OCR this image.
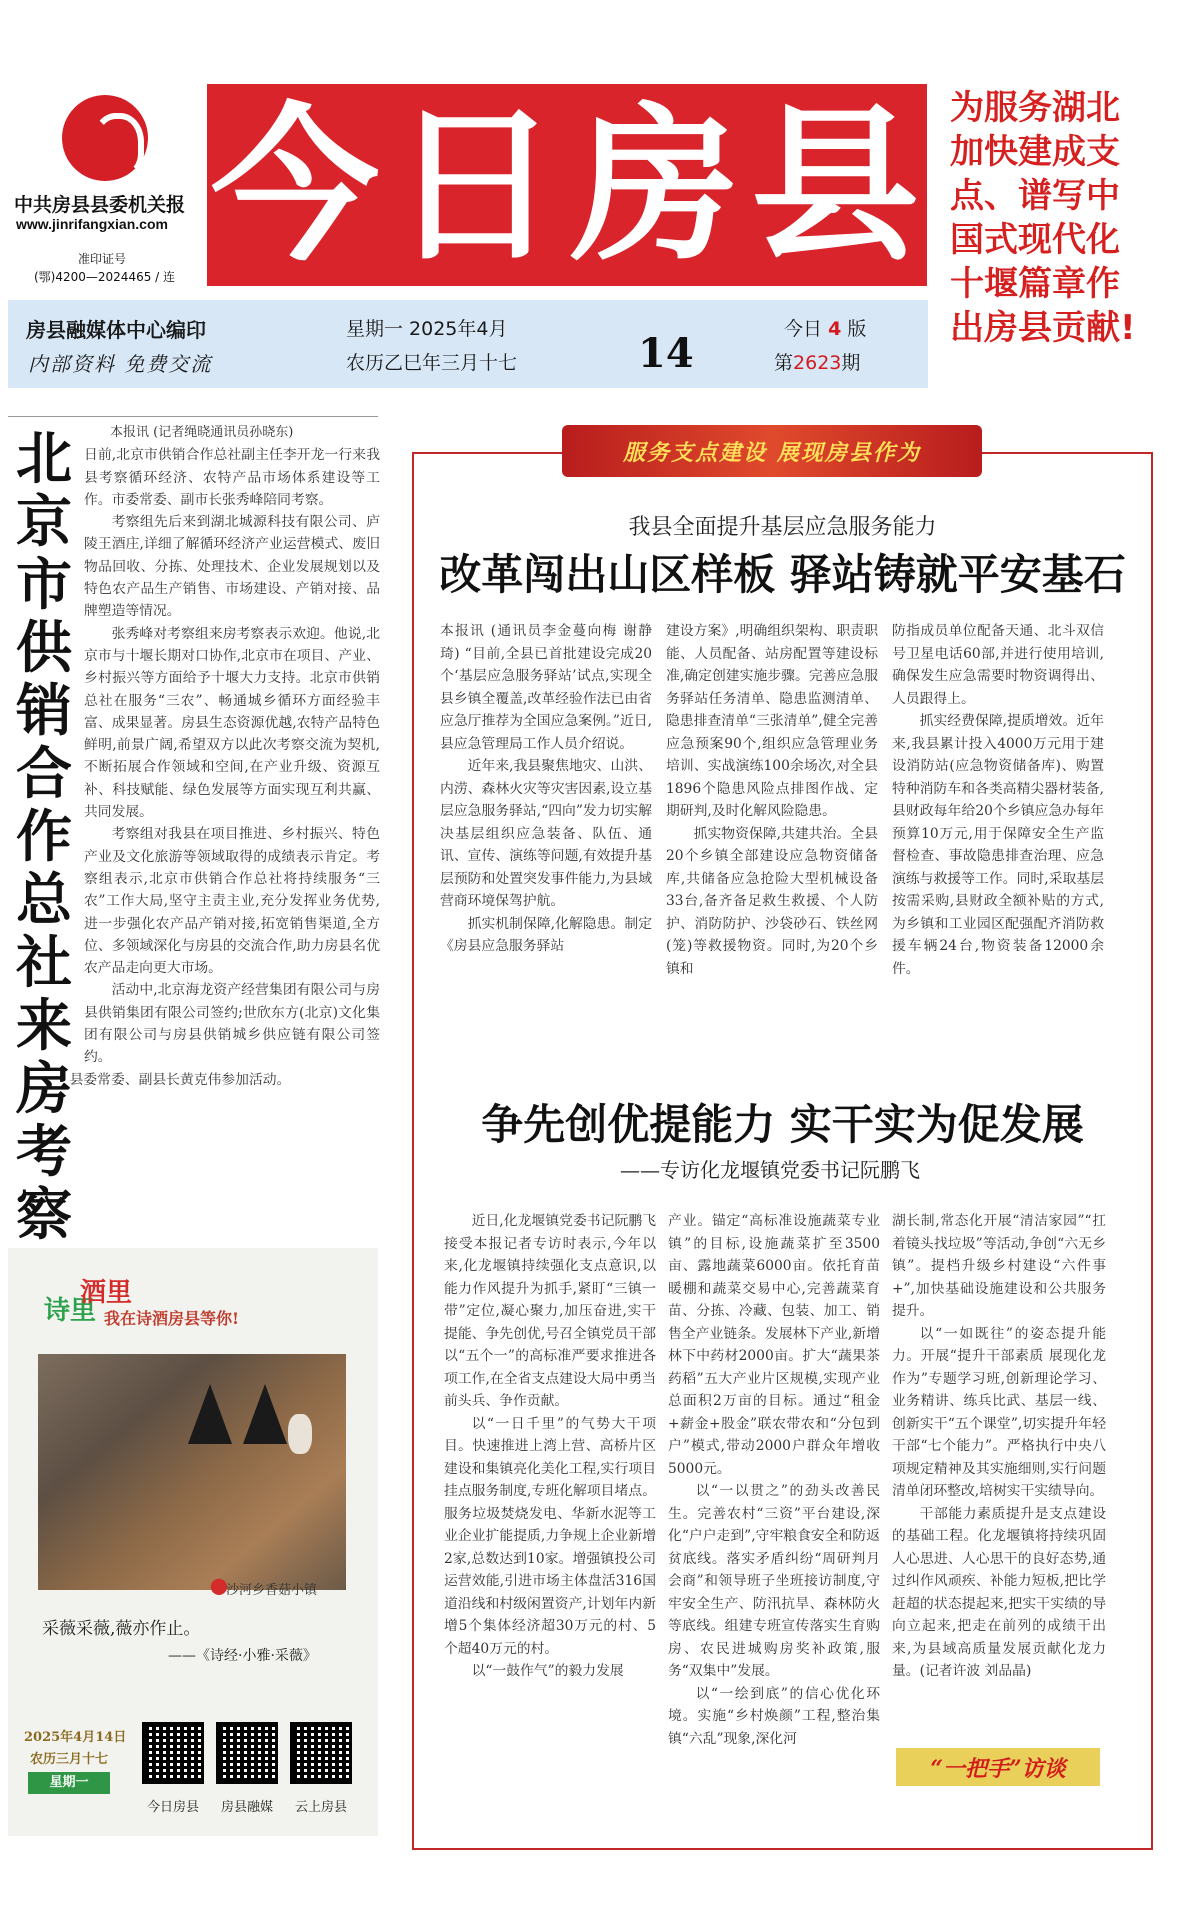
中共房县县委机关报
www.jinrifangxian.com
准印证号
(鄂)4200—2024465 / 连 今 日 房 县 为服务湖北加快建成支点、谱写中国式现代化十堰篇章作出房县贡献!
房县融媒体中心编印
内部资料 免费交流
星期一 2025年4月
农历乙巳年三月十七	14
今日 4 版
第2623期
北京市供销合作总社来房考察

本报讯 (记者绳晓通讯员孙晓东)

日前,北京市供销合作总社副主任李开龙一行来我县考察循环经济、农特产品市场体系建设等工作。市委常委、副市长张秀峰陪同考察。

考察组先后来到湖北城源科技有限公司、庐陵王酒庄,详细了解循环经济产业运营模式、废旧物品回收、分拣、处理技术、企业发展规划以及特色农产品生产销售、市场建设、产销对接、品牌塑造等情况。

张秀峰对考察组来房考察表示欢迎。他说,北京市与十堰长期对口协作,北京市在项目、产业、乡村振兴等方面给予十堰大力支持。北京市供销总社在服务“三农”、畅通城乡循环方面经验丰富、成果显著。房县生态资源优越,农特产品特色鲜明,前景广阔,希望双方以此次考察交流为契机,不断拓展合作领域和空间,在产业升级、资源互补、科技赋能、绿色发展等方面实现互利共赢、共同发展。

考察组对我县在项目推进、乡村振兴、特色产业及文化旅游等领域取得的成绩表示肯定。考察组表示,北京市供销合作总社将持续服务“三农”工作大局,坚守主责主业,充分发挥业务优势,进一步强化农产品产销对接,拓宽销售渠道,全方位、多领域深化与房县的交流合作,助力房县名优农产品走向更大市场。

活动中,北京海龙资产经营集团有限公司与房县供销集团有限公司签约;世欣东方(北京)文化集团有限公司与房县供销城乡供应链有限公司签约。

县委常委、副县长黄克伟参加活动。

诗里
酒里
我在诗酒房县等你!
⬤
沙河乡香菇小镇
采薇采薇,薇亦作止。
——《诗经·小雅·采薇》
2025年4月14日
农历三月十七
星期一
今日房县	房县融媒	云上房县
服务支点建设 展现房县作为
我县全面提升基层应急服务能力
改革闯出山区样板 驿站铸就平安基石

本报讯 (通讯员李金蔓向梅 谢静琦) “目前,全县已首批建设完成20个‘基层应急服务驿站’试点,实现全县乡镇全覆盖,改革经验作法已由省应急厅推荐为全国应急案例。”近日,县应急管理局工作人员介绍说。

近年来,我县聚焦地灾、山洪、内涝、森林火灾等灾害因素,设立基层应急服务驿站,“四向”发力切实解决基层组织应急装备、队伍、通讯、宣传、演练等问题,有效提升基层预防和处置突发事件能力,为县域营商环境保驾护航。

抓实机制保障,化解隐患。制定《房县应急服务驿站

建设方案》,明确组织架构、职责职能、人员配备、站房配置等建设标准,确定创建实施步骤。完善应急服务驿站任务清单、隐患监测清单、隐患排查清单“三张清单”,健全完善应急预案90个,组织应急管理业务培训、实战演练100余场次,对全县1896个隐患风险点排图作战、定期研判,及时化解风险隐患。

抓实物资保障,共建共治。全县20个乡镇全部建设应急物资储备库,共储备应急抢险大型机械设备33台,备齐备足救生救援、个人防护、消防防护、沙袋砂石、铁丝网(笼)等救援物资。同时,为20个乡镇和

防指成员单位配备天通、北斗双信号卫星电话60部,并进行使用培训,确保发生应急需要时物资调得出、人员跟得上。

抓实经费保障,提质增效。近年来,我县累计投入4000万元用于建设消防站(应急物资储备库)、购置特种消防车和各类高精尖器材装备,县财政每年给20个乡镇应急办每年预算10万元,用于保障安全生产监督检查、事故隐患排查治理、应急演练与救援等工作。同时,采取基层按需采购,县财政全额补贴的方式,为乡镇和工业园区配强配齐消防救援车辆24台,物资装备12000余件。

争先创优提能力 实干实为促发展
——专访化龙堰镇党委书记阮鹏飞

近日,化龙堰镇党委书记阮鹏飞接受本报记者专访时表示,今年以来,化龙堰镇持续强化支点意识,以能力作风提升为抓手,紧盯“三镇一带”定位,凝心聚力,加压奋进,实干提能、争先创优,号召全镇党员干部以“五个一”的高标准严要求推进各项工作,在全省支点建设大局中勇当前头兵、争作贡献。

以“一日千里”的气势大干项目。快速推进上湾上营、高桥片区建设和集镇亮化美化工程,实行项目挂点服务制度,专班化解项目堵点。服务垃圾焚烧发电、华新水泥等工业企业扩能提质,力争规上企业新增2家,总数达到10家。增强镇投公司运营效能,引进市场主体盘活316国道沿线和村级闲置资产,计划年内新增5个集体经济超30万元的村、5个超40万元的村。

以“一鼓作气”的毅力发展

产业。锚定“高标准设施蔬菜专业镇”的目标,设施蔬菜扩至3500亩、露地蔬菜6000亩。依托育苗暖棚和蔬菜交易中心,完善蔬菜育苗、分拣、冷藏、包装、加工、销售全产业链条。发展林下产业,新增林下中药材2000亩。扩大“蔬果茶药稻”五大产业片区规模,实现产业总面积2万亩的目标。通过“租金+薪金+股金”联农带农和“分包到户”模式,带动2000户群众年增收5000元。

以“一以贯之”的劲头改善民生。完善农村“三资”平台建设,深化“户户走到”,守牢粮食安全和防返贫底线。落实矛盾纠纷“周研判月会商”和领导班子坐班接访制度,守牢安全生产、防汛抗旱、森林防火等底线。组建专班宣传落实生育购房、农民进城购房奖补政策,服务“双集中”发展。

以“一绘到底”的信心优化环境。实施“乡村焕颜”工程,整治集镇“六乱”现象,深化河

湖长制,常态化开展“清洁家园”“扛着镜头找垃圾”等活动,争创“六无乡镇”。提档升级乡村建设“六件事+”,加快基础设施建设和公共服务提升。

以“一如既往”的姿态提升能力。开展“提升干部素质 展现化龙作为”专题学习班,创新理论学习、业务精讲、练兵比武、基层一线、创新实干“五个课堂”,切实提升年轻干部“七个能力”。严格执行中央八项规定精神及其实施细则,实行问题清单闭环整改,培树实干实绩导向。

干部能力素质提升是支点建设的基础工程。化龙堰镇将持续巩固人心思进、人心思干的良好态势,通过纠作风顽疾、补能力短板,把比学赶超的状态提起来,把实干实绩的导向立起来,把走在前列的成绩干出来,为县域高质量发展贡献化龙力量。(记者许波 刘品晶)

“一把手”访谈
